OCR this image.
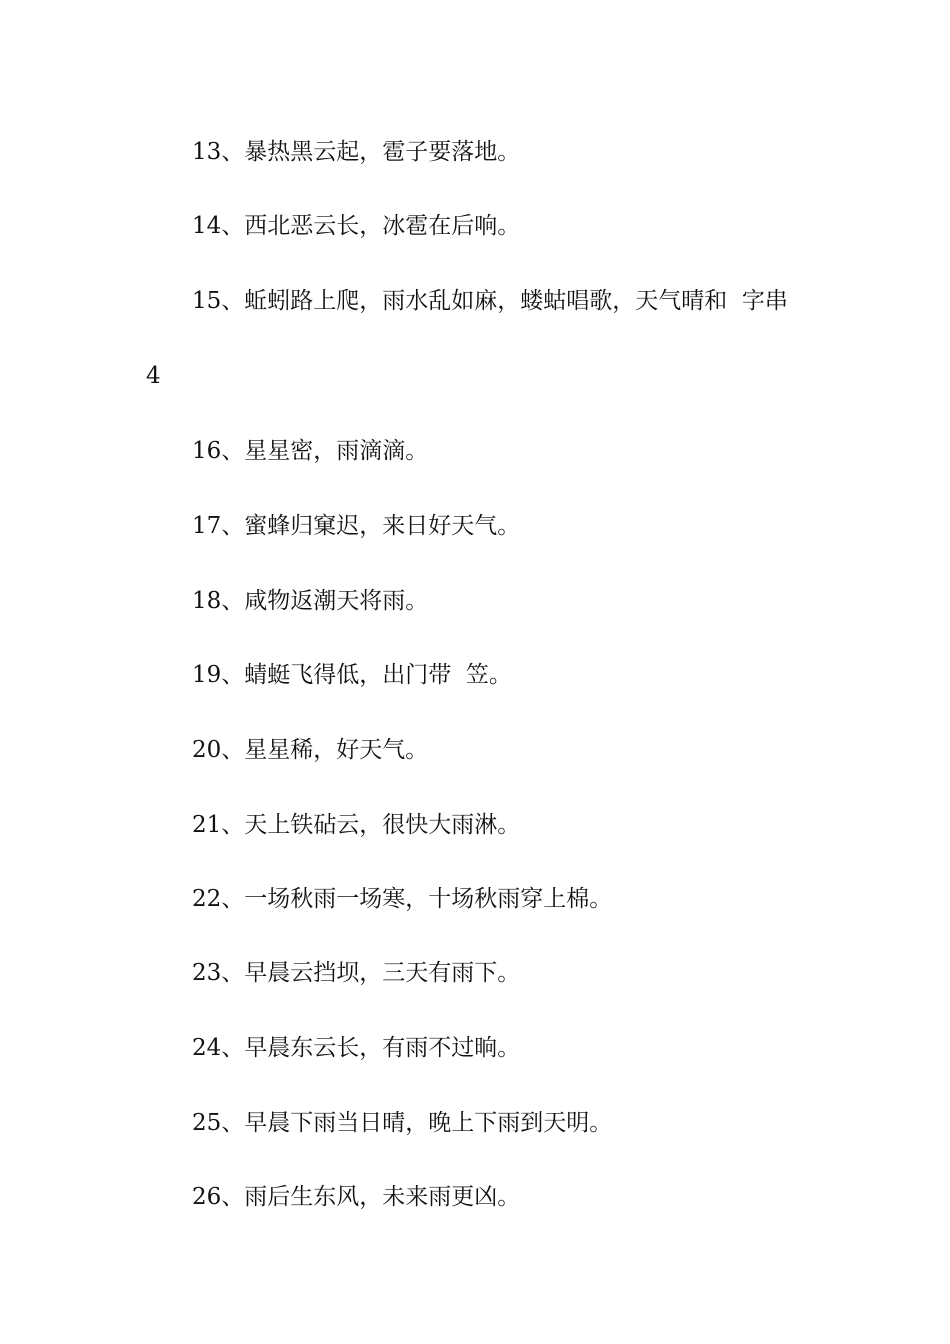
13、暴热黑云起，雹子要落地。
14、西北恶云长，冰雹在后响。
15、蚯蚓路上爬，雨水乱如麻，蝼蛄唱歌，天气晴和  字串
4
16、星星密，雨滴滴。
17、蜜蜂归窠迟，来日好天气。
18、咸物返潮天将雨。
19、蜻蜓飞得低，出门带  笠。
20、星星稀，好天气。
21、天上铁砧云，很快大雨淋。
22、一场秋雨一场寒，十场秋雨穿上棉。
23、早晨云挡坝，三天有雨下。
24、早晨东云长，有雨不过晌。
25、早晨下雨当日晴，晚上下雨到天明。
26、雨后生东风，未来雨更凶。
